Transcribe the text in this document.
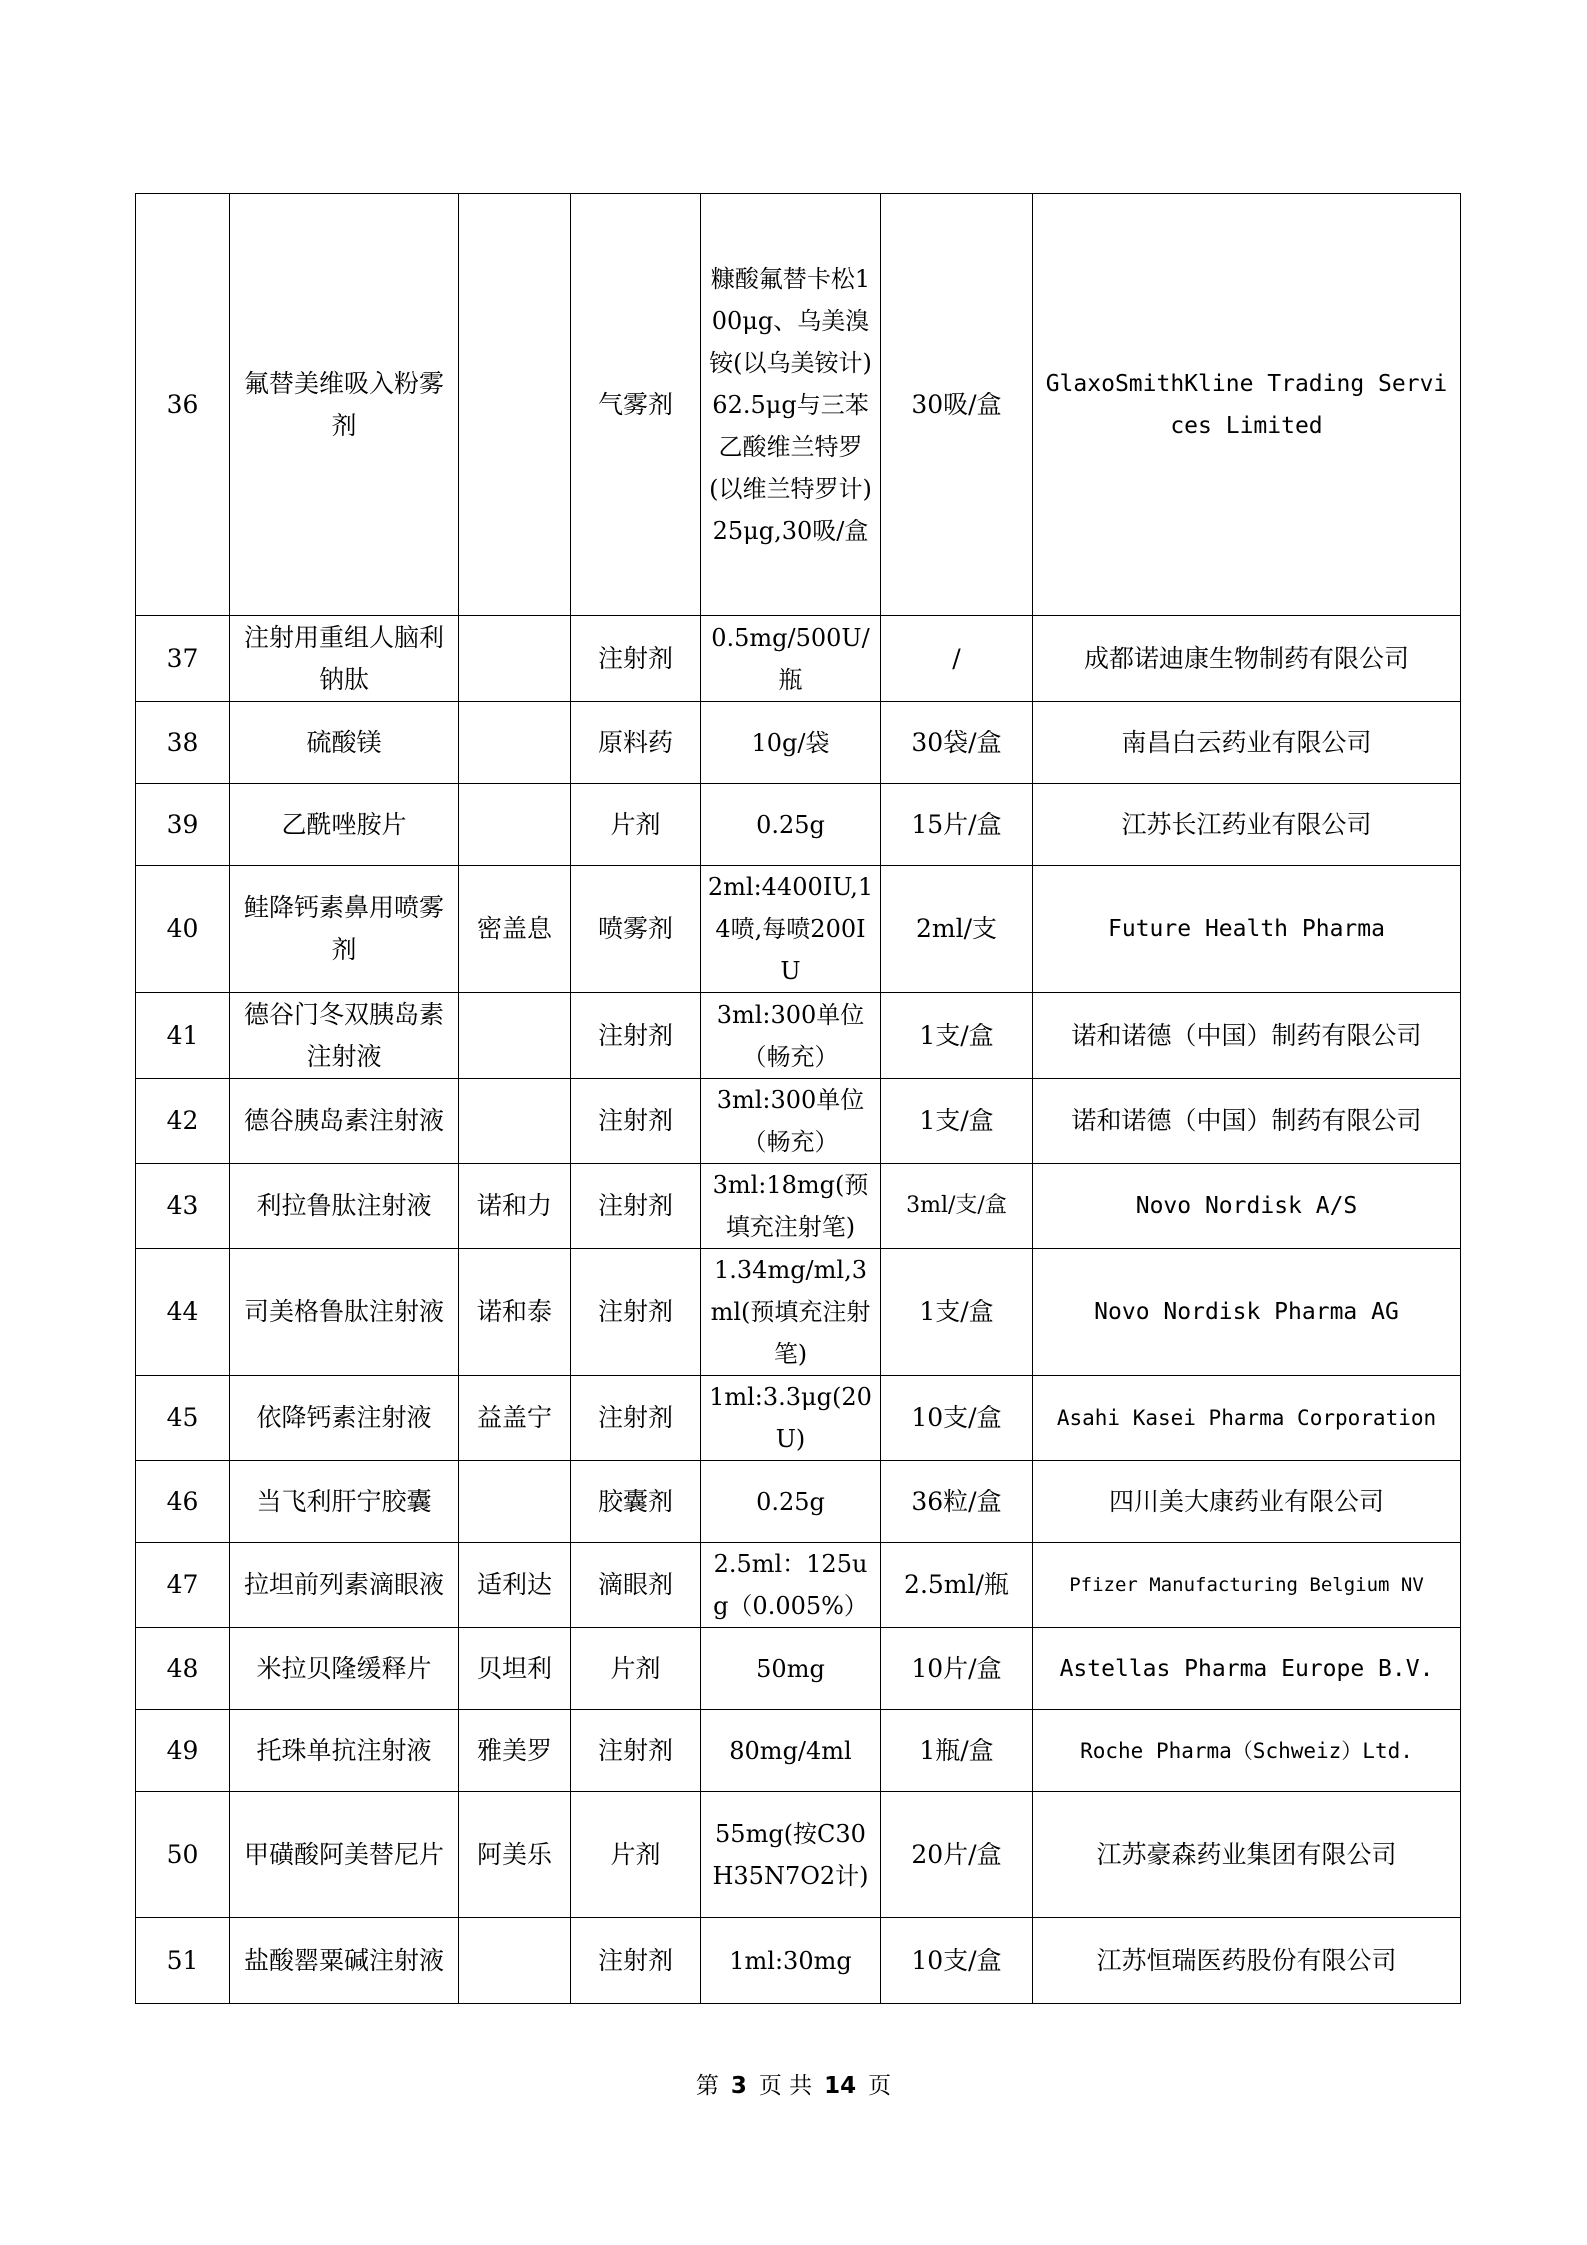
36	氟替美维吸入粉雾剂		气雾剂	糠酸氟替卡松100μg、乌美溴铵(以乌美铵计)62.5μg与三苯乙酸维兰特罗(以维兰特罗计)25μg,30吸/盒	30吸/盒	GlaxoSmithKline Trading Services Limited
37	注射用重组人脑利钠肽		注射剂	0.5mg/500U/瓶	/	成都诺迪康生物制药有限公司
38	硫酸镁		原料药	10g/袋	30袋/盒	南昌白云药业有限公司
39	乙酰唑胺片		片剂	0.25g	15片/盒	江苏长江药业有限公司
40	鲑降钙素鼻用喷雾剂	密盖息	喷雾剂	2ml:4400IU,14喷,每喷200IU	2ml/支	Future Health Pharma
41	德谷门冬双胰岛素注射液		注射剂	3ml:300单位（畅充）	1支/盒	诺和诺德（中国）制药有限公司
42	德谷胰岛素注射液		注射剂	3ml:300单位（畅充）	1支/盒	诺和诺德（中国）制药有限公司
43	利拉鲁肽注射液	诺和力	注射剂	3ml:18mg(预填充注射笔)	3ml/支/盒	Novo Nordisk A/S
44	司美格鲁肽注射液	诺和泰	注射剂	1.34mg/ml,3ml(预填充注射笔)	1支/盒	Novo Nordisk Pharma AG
45	依降钙素注射液	益盖宁	注射剂	1ml:3.3μg(20U)	10支/盒	Asahi Kasei Pharma Corporation
46	当飞利肝宁胶囊		胶囊剂	0.25g	36粒/盒	四川美大康药业有限公司
47	拉坦前列素滴眼液	适利达	滴眼剂	2.5ml：125ug（0.005%）	2.5ml/瓶	Pfizer Manufacturing Belgium NV
48	米拉贝隆缓释片	贝坦利	片剂	50mg	10片/盒	Astellas Pharma Europe B.V.
49	托珠单抗注射液	雅美罗	注射剂	80mg/4ml	1瓶/盒	Roche Pharma（Schweiz）Ltd.
50	甲磺酸阿美替尼片	阿美乐	片剂	55mg(按C30H35N7O2计)	20片/盒	江苏豪森药业集团有限公司
51	盐酸罂粟碱注射液		注射剂	1ml:30mg	10支/盒	江苏恒瑞医药股份有限公司
第 3 页 共 14 页
